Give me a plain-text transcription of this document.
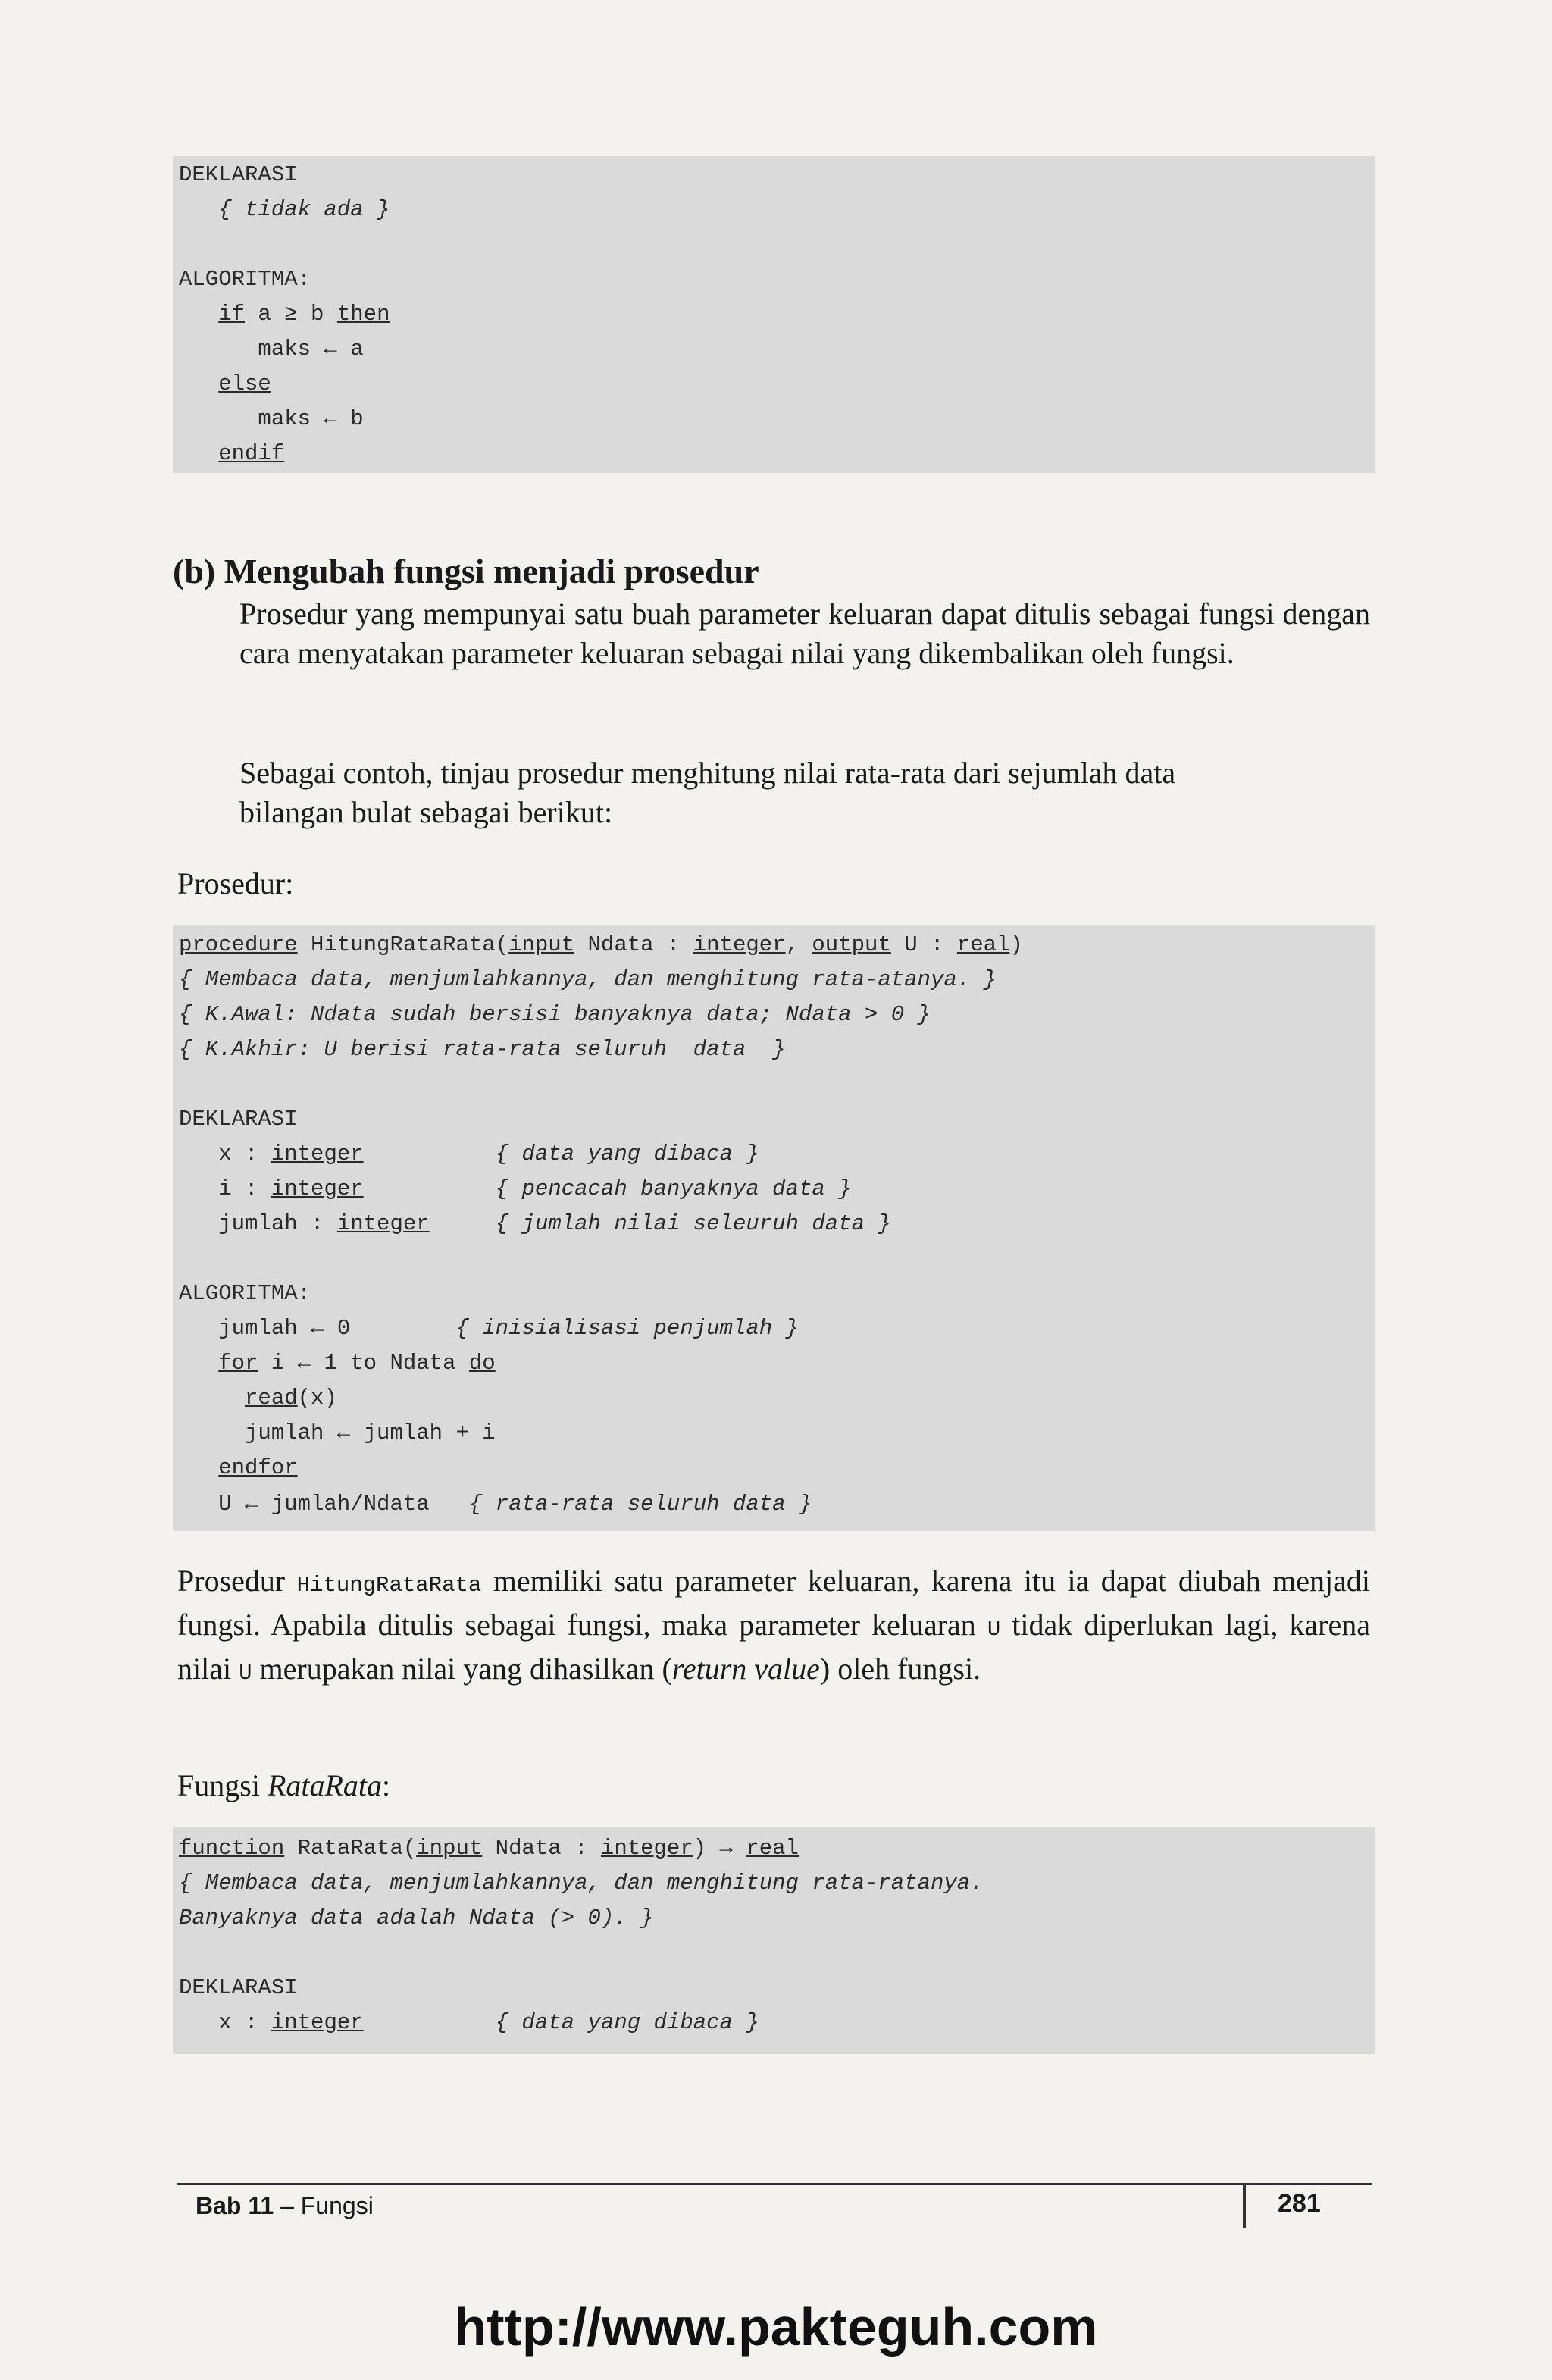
DEKLARASI
{ tidak ada }
ALGORITMA:
if a ≥ b then
maks ← a
else
maks ← b
endif
(b) Mengubah fungsi menjadi prosedur
Prosedur yang mempunyai satu buah parameter keluaran dapat ditulis sebagai fungsi dengan cara menyatakan parameter keluaran sebagai nilai yang dikembalikan oleh fungsi.
Sebagai contoh, tinjau prosedur menghitung nilai rata-rata dari sejumlah data bilangan bulat sebagai berikut:
Prosedur:
procedure HitungRataRata(input Ndata : integer, output U : real)
{ Membaca data, menjumlahkannya, dan menghitung rata-atanya. }
{ K.Awal: Ndata sudah bersisi banyaknya data; Ndata > 0 }
{ K.Akhir: U berisi rata-rata seluruh  data  }
DEKLARASI
x : integer	{ data yang dibaca }
i : integer	{ pencacah banyaknya data }
jumlah : integer	{ jumlah nilai seleuruh data }
ALGORITMA:
jumlah ← 0        { inisialisasi penjumlah }
for i ← 1 to Ndata do
read(x)
jumlah ← jumlah + i
endfor
U ← jumlah/Ndata   { rata-rata seluruh data }
Prosedur HitungRataRata memiliki satu parameter keluaran, karena itu ia dapat diubah menjadi fungsi. Apabila ditulis sebagai fungsi, maka parameter keluaran U tidak diperlukan lagi, karena nilai U merupakan nilai yang dihasilkan (return value) oleh fungsi.
Fungsi RataRata:
function RataRata(input Ndata : integer) → real
{ Membaca data, menjumlahkannya, dan menghitung rata-ratanya.
Banyaknya data adalah Ndata (> 0). }
DEKLARASI
x : integer	{ data yang dibaca }
Bab 11 – Fungsi	281
http://www.pakteguh.com
